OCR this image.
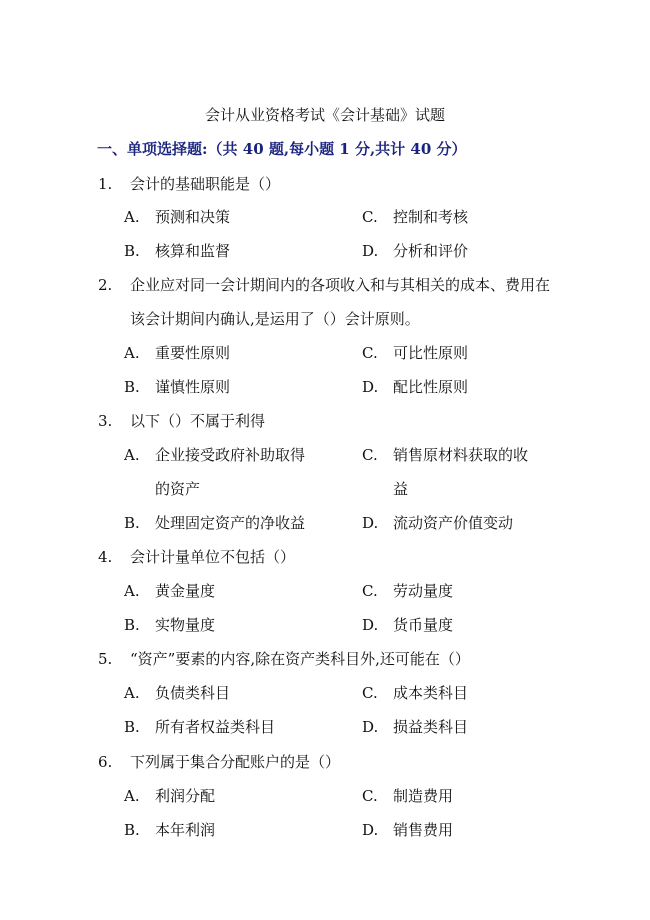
会计从业资格考试《会计基础》试题
一、单项选择题:（共 40 题,每小题 1 分,共计 40 分）
1. 会计的基础职能是（）
A. 预测和决策	C. 控制和考核
B. 核算和监督	D. 分析和评价
2. 企业应对同一会计期间内的各项收入和与其相关的成本、费用在
该会计期间内确认,是运用了（）会计原则。
A. 重要性原则	C. 可比性原则
B. 谨慎性原则	D. 配比性原则
3. 以下（）不属于利得
A. 企业接受政府补助取得
的资产
C. 销售原材料获取的收
益
B. 处理固定资产的净收益	D. 流动资产价值变动
4. 会计计量单位不包括（）
A. 黄金量度	C. 劳动量度
B. 实物量度	D. 货币量度
5. “资产”要素的内容,除在资产类科目外,还可能在（）
A. 负债类科目	C. 成本类科目
B. 所有者权益类科目	D. 损益类科目
6. 下列属于集合分配账户的是（）
A. 利润分配	C. 制造费用
B. 本年利润	D. 销售费用
